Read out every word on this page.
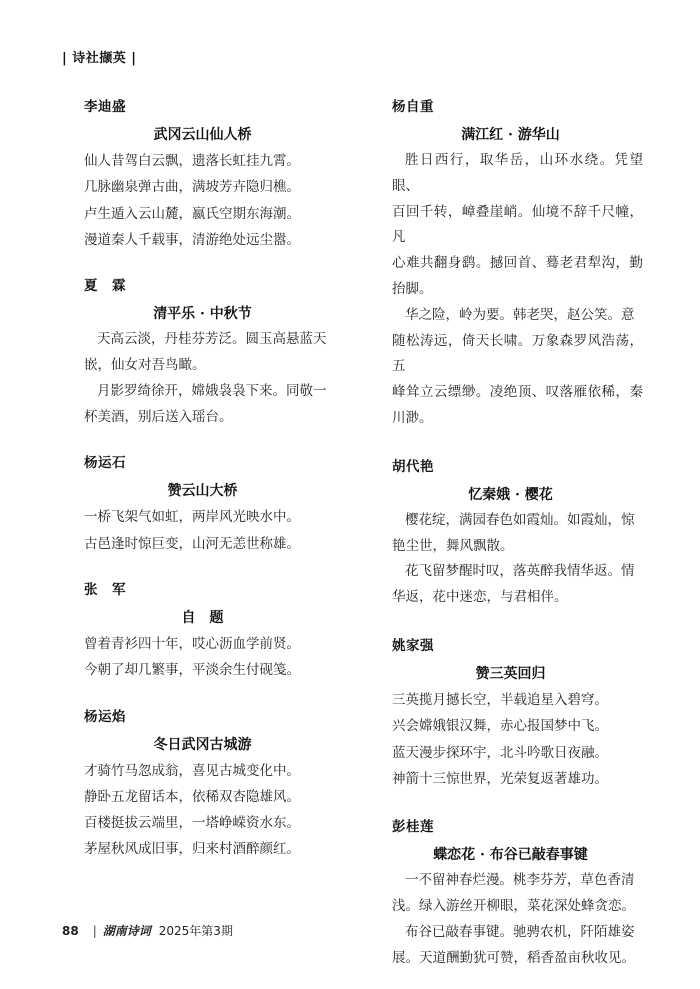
| 诗社撷英 |
李迪盛
武冈云山仙人桥
仙人昔驾白云飘，遗落长虹挂九霄。
几脉幽泉弹古曲，满坡芳卉隐归樵。
卢生遁入云山麓，嬴氏空期东海潮。
漫道秦人千载事，清游绝处远尘嚣。
夏　霖
清平乐 · 中秋节

天高云淡，丹桂芬芳泛。圆玉高悬蓝天

嵌，仙女对吾鸟瞰。

月影罗绮徐开，嫦娥袅袅下来。同敬一

杯美酒，别后送入瑶台。

杨运石
赞云山大桥
一桥飞架气如虹，两岸风光映水中。
古邑逢时惊巨变，山河无恙世称雄。
张　军
自　题
曾着青衫四十年，哎心沥血学前贤。
今朝了却几繁事，平淡余生付砚笺。
杨运焰
冬日武冈古城游
才骑竹马忽成翁，喜见古城变化中。
静卧五龙留话本，依稀双杏隐雄风。
百楼挺拔云端里，一塔峥嵘资水东。
茅屋秋风成旧事，归来村酒醉颜红。
杨自重
满江红 · 游华山

胜日西行，取华岳，山环水绕。凭望眼、

百回千转，嶂叠崖峭。仙境不辞千尺幢，凡

心难共翻身鹞。撼回首、蓦老君犁沟，勤抬脚。

华之险，岭为要。韩老哭，赵公笑。意

随松涛远，倚天长啸。万象森罗风浩荡，五

峰耸立云缥缈。凌绝顶、叹落雁依稀，秦川渺。

胡代艳
忆秦娥 · 樱花

樱花绽，满园春色如霞灿。如霞灿，惊

艳尘世，舞风飘散。

花飞留梦醒时叹，落英醉我情华返。情

华返，花中迷恋，与君相伴。

姚家强
赞三英回归
三英揽月撼长空，半载追星入碧穹。
兴会嫦娥银汉舞，赤心报国梦中飞。
蓝天漫步探环宇，北斗吟歌日夜融。
神箭十三惊世界，光荣复返著雄功。
彭桂莲
蝶恋花 · 布谷已敲春事键

一不留神春烂漫。桃李芬芳，草色香清

浅。绿入游丝开柳眼，菜花深处蜂贪恋。

布谷已敲春事键。驰骋农机，阡陌雄姿

展。天道酬勤犹可赞，稻香盈亩秋收见。

88 | 湖南诗词 2025年第3期
